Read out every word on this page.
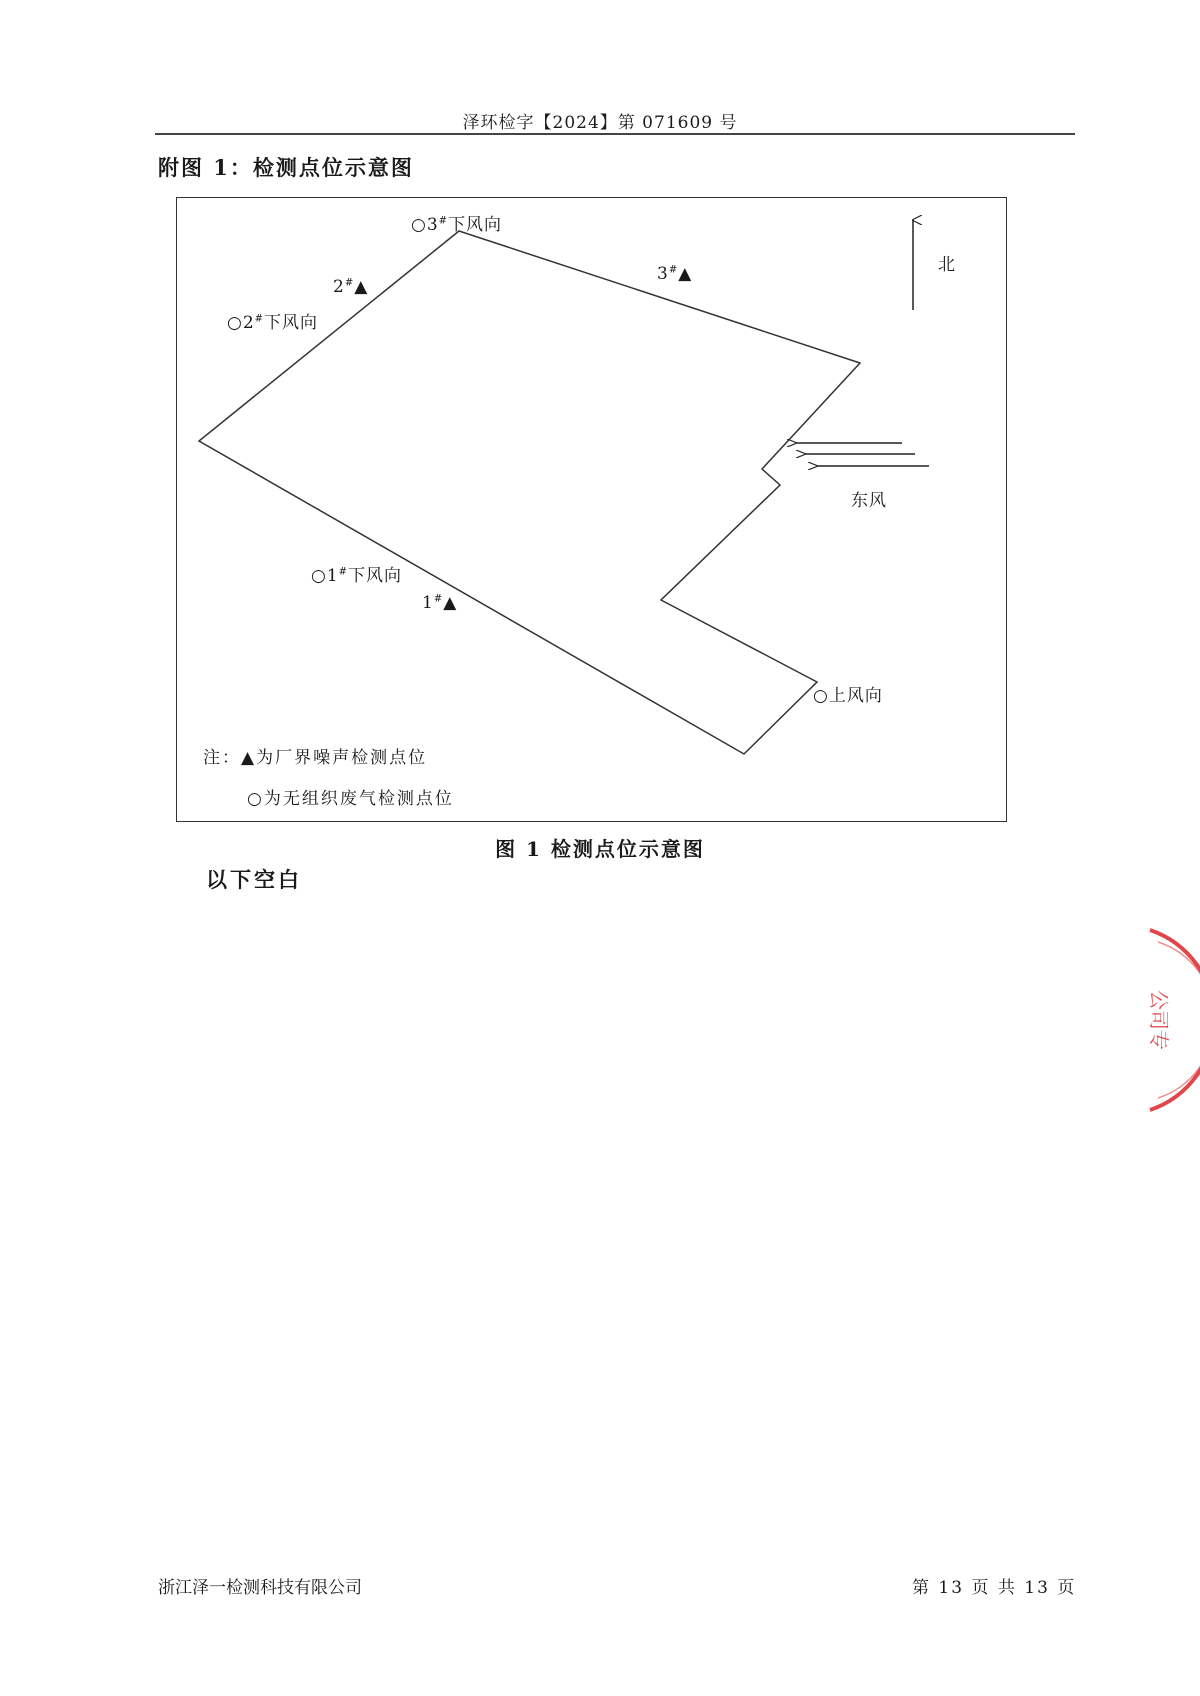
泽环检字【2024】第 071609 号
附图 1：检测点位示意图
○3#下风向
2#▲
○2#下风向
3#▲	北
东风
○1#下风向
1#▲
○上风向
注：▲为厂界噪声检测点位
○为无组织废气检测点位
图 1 检测点位示意图
以下空白
公司专
浙江泽一检测科技有限公司	第 13 页 共 13 页
